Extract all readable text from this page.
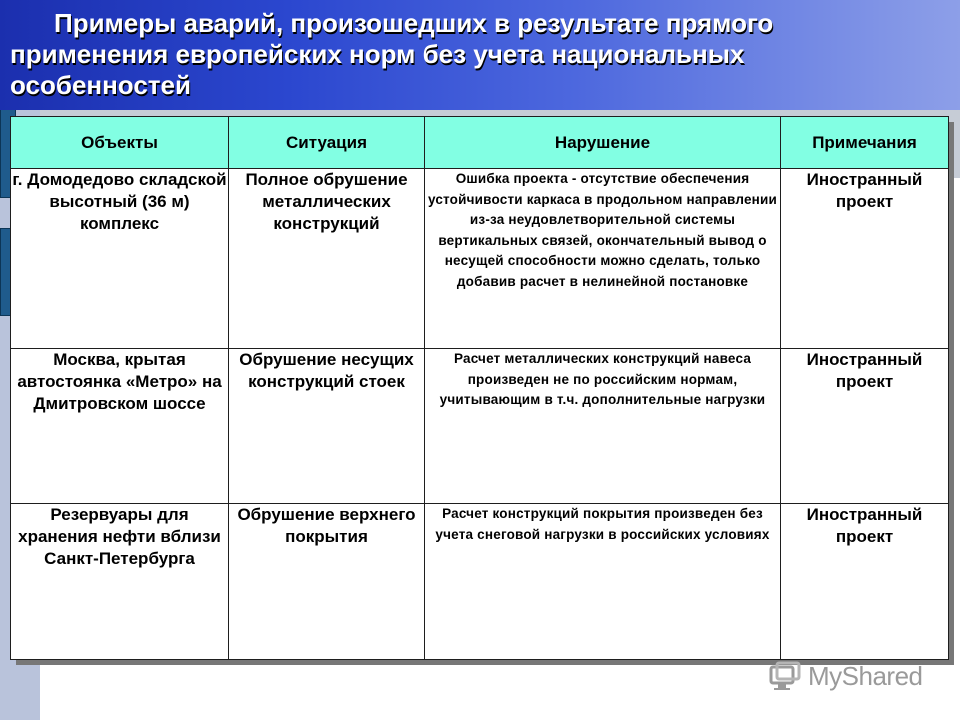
Примеры аварий, произошедших в результате прямого применения европейских норм без учета национальных особенностей
Объекты	Ситуация	Нарушение	Примечания
г. Домодедово складской высотный (36 м) комплекс	Полное обрушение металлических конструкций	Ошибка проекта - отсутствие обеспечения устойчивости каркаса в продольном направлении из-за неудовлетворительной системы вертикальных связей, окончательный вывод о несущей способности можно сделать, только добавив расчет в нелинейной постановке	Иностранный проект
Москва, крытая автостоянка «Метро» на Дмитровском шоссе	Обрушение несущих конструкций стоек	Расчет металлических конструкций навеса произведен не по российским нормам, учитывающим в т.ч. дополнительные нагрузки	Иностранный проект
Резервуары для хранения нефти вблизи Санкт-Петербурга	Обрушение верхнего покрытия	Расчет конструкций покрытия произведен без учета снеговой нагрузки в российских условиях	Иностранный проект
MyShared
